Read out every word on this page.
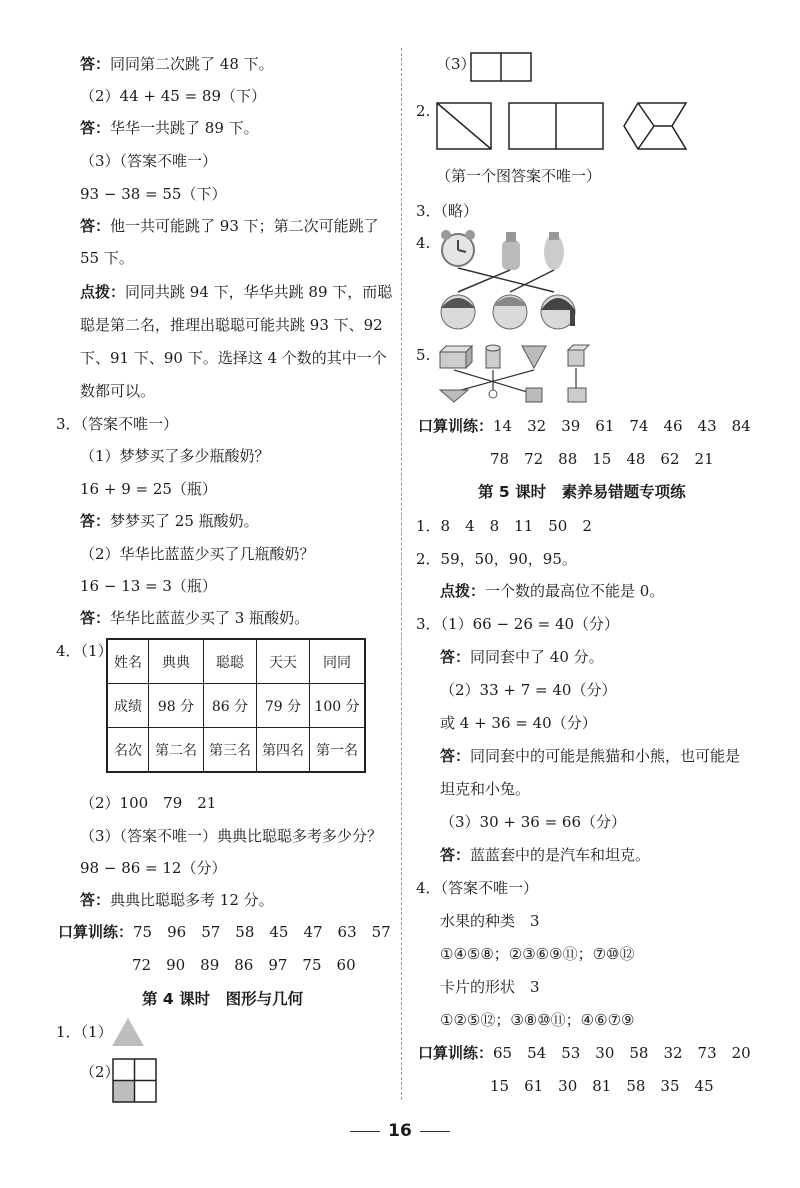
答：同同第二次跳了 48 下。
（2）44 + 45 = 89（下）
答：华华一共跳了 89 下。
（3）（答案不唯一）
93 − 38 = 55（下）
答：他一共可能跳了 93 下；第二次可能跳了
55 下。
点拨：同同共跳 94 下，华华共跳 89 下，而聪
聪是第二名，推理出聪聪可能共跳 93 下、92
下、91 下、90 下。选择这 4 个数的其中一个
数都可以。
3．（答案不唯一）
（1）梦梦买了多少瓶酸奶？
16 + 9 = 25（瓶）
答：梦梦买了 25 瓶酸奶。
（2）华华比蓝蓝少买了几瓶酸奶？
16 − 13 = 3（瓶）
答：华华比蓝蓝少买了 3 瓶酸奶。
4．（1）
姓名	典典	聪聪	天天	同同
成绩	98 分	86 分	79 分	100 分
名次	第二名	第三名	第四名	第一名
（2）100　79　21
（3）（答案不唯一）典典比聪聪多考多少分？
98 − 86 = 12（分）
答：典典比聪聪多考 12 分。
口算训练：75　96　57　58　45　47　63　57
72　90　89　86　97　75　60
第 4 课时　图形与几何
1．（1）
（2）
（3）
2.
（第一个图答案不唯一）
3．（略）
4.
5.
口算训练：14　32　39　61　74　46　43　84
78　72　88　15　48　62　21
第 5 课时　素养易错题专项练
1．8　4　8　11　50　2
2．59，50，90，95。
点拨：一个数的最高位不能是 0。
3．（1）66 − 26 = 40（分）
答：同同套中了 40 分。
（2）33 + 7 = 40（分）
或 4 + 36 = 40（分）
答：同同套中的可能是熊猫和小熊，也可能是
坦克和小兔。
（3）30 + 36 = 66（分）
答：蓝蓝套中的是汽车和坦克。
4．（答案不唯一）
水果的种类　3
①④⑤⑧；②③⑥⑨⑪；⑦⑩⑫
卡片的形状　3
①②⑤⑫；③⑧⑩⑪；④⑥⑦⑨
口算训练：65　54　53　30　58　32　73　20
15　61　30　81　58　35　45
16
